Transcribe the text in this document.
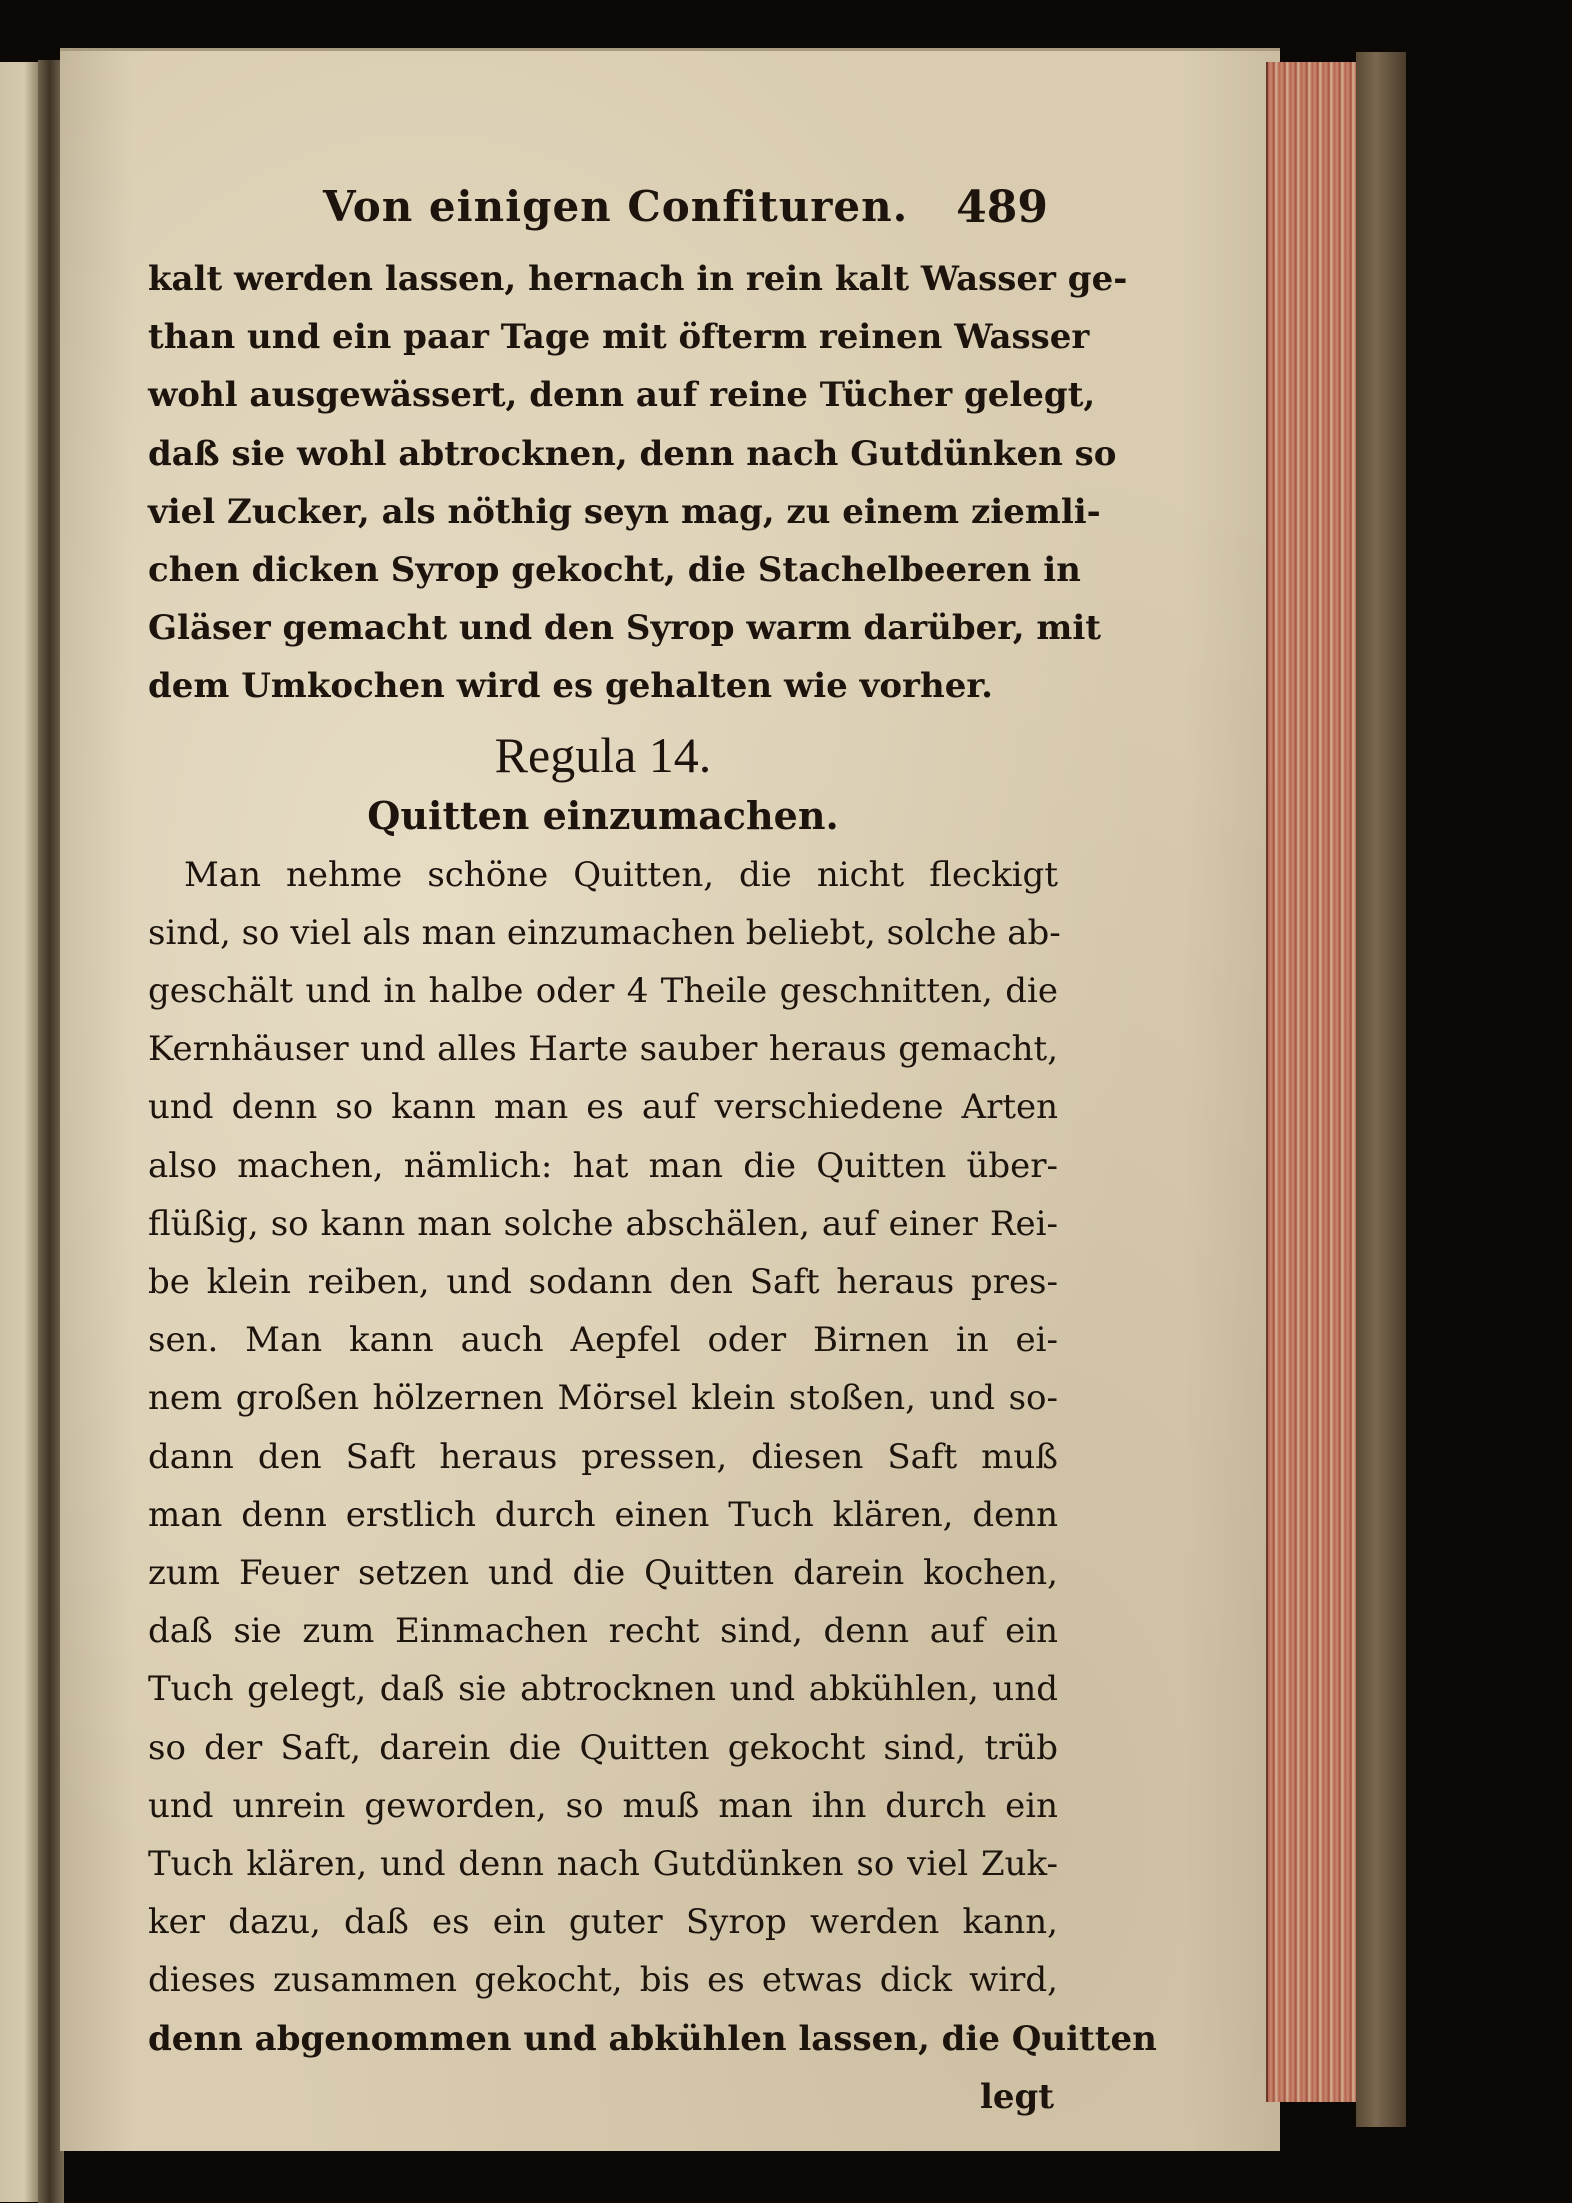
Von einigen Confituren. 489

kalt werden lassen, hernach in rein kalt Wasser ge-
than und ein paar Tage mit öfterm reinen Wasser
wohl ausgewässert, denn auf reine Tücher gelegt,
daß sie wohl abtrocknen, denn nach Gutdünken so
viel Zucker, als nöthig seyn mag, zu einem ziemli-
chen dicken Syrop gekocht, die Stachelbeeren in
Gläser gemacht und den Syrop warm darüber, mit
dem Umkochen wird es gehalten wie vorher.

Regula 14.
Quitten einzumachen.

Man nehme schöne Quitten, die nicht fleckigt
sind, so viel als man einzumachen beliebt, solche ab-
geschält und in halbe oder 4 Theile geschnitten, die
Kernhäuser und alles Harte sauber heraus gemacht,
und denn so kann man es auf verschiedene Arten
also machen, nämlich: hat man die Quitten über-
flüßig, so kann man solche abschälen, auf einer Rei-
be klein reiben, und sodann den Saft heraus pres-
sen. Man kann auch Aepfel oder Birnen in ei-
nem großen hölzernen Mörsel klein stoßen, und so-
dann den Saft heraus pressen, diesen Saft muß
man denn erstlich durch einen Tuch klären, denn
zum Feuer setzen und die Quitten darein kochen,
daß sie zum Einmachen recht sind, denn auf ein
Tuch gelegt, daß sie abtrocknen und abkühlen, und
so der Saft, darein die Quitten gekocht sind, trüb
und unrein geworden, so muß man ihn durch ein
Tuch klären, und denn nach Gutdünken so viel Zuk-
ker dazu, daß es ein guter Syrop werden kann,
dieses zusammen gekocht, bis es etwas dick wird,
denn abgenommen und abkühlen lassen, die Quitten

legt
